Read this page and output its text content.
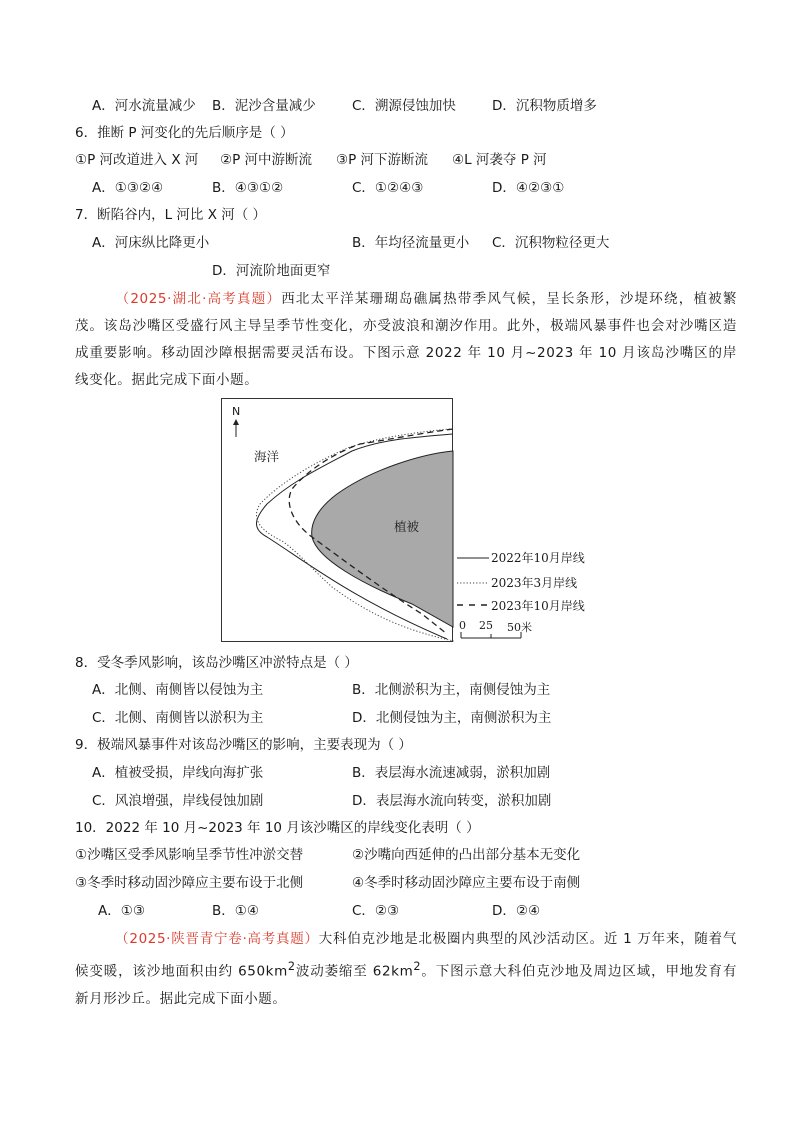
A．河水流量减少 B．泥沙含量减少	C．溯源侵蚀加快	D．沉积物质增多
6．推断 P 河变化的先后顺序是（ ）
①P 河改道进入 X 河 ②P 河中游断流 ③P 河下游断流 ④L 河袭夺 P 河
A．①③②④	B．④③①②	C．①②④③	D．④②③①
7．断陷谷内，L 河比 X 河（ ）
A．河床纵比降更小	B．年均径流量更小 C．沉积物粒径更大
D．河流阶地面更窄
（2025·湖北·高考真题）西北太平洋某珊瑚岛礁属热带季风气候，呈长条形，沙堤环绕，植被繁茂。该岛沙嘴区受盛行风主导呈季节性变化，亦受波浪和潮汐作用。此外，极端风暴事件也会对沙嘴区造成重要影响。移动固沙障根据需要灵活布设。下图示意 2022 年 10 月~2023 年 10 月该岛沙嘴区的岸线变化。据此完成下面小题。
N
海洋
植被
2022年10月岸线
2023年3月岸线
2023年10月岸线
0 25 50米
8．受冬季风影响，该岛沙嘴区冲淤特点是（ ）
A．北侧、南侧皆以侵蚀为主	B．北侧淤积为主，南侧侵蚀为主
C．北侧、南侧皆以淤积为主	D．北侧侵蚀为主，南侧淤积为主
9．极端风暴事件对该岛沙嘴区的影响，主要表现为（ ）
A．植被受损，岸线向海扩张	B．表层海水流速减弱，淤积加剧
C．风浪增强，岸线侵蚀加剧	D．表层海水流向转变，淤积加剧
10．2022 年 10 月~2023 年 10 月该沙嘴区的岸线变化表明（ ）
①沙嘴区受季风影响呈季节性冲淤交替	②沙嘴向西延伸的凸出部分基本无变化
③冬季时移动固沙障应主要布设于北侧	④冬季时移动固沙障应主要布设于南侧
A．①③	B．①④	C．②③	D．②④
（2025·陕晋青宁卷·高考真题）大科伯克沙地是北极圈内典型的风沙活动区。近 1 万年来，随着气候变暖，该沙地面积由约 $650km^2$波动萎缩至 $62km^2$。下图示意大科伯克沙地及周边区域，甲地发育有新月形沙丘。据此完成下面小题。
